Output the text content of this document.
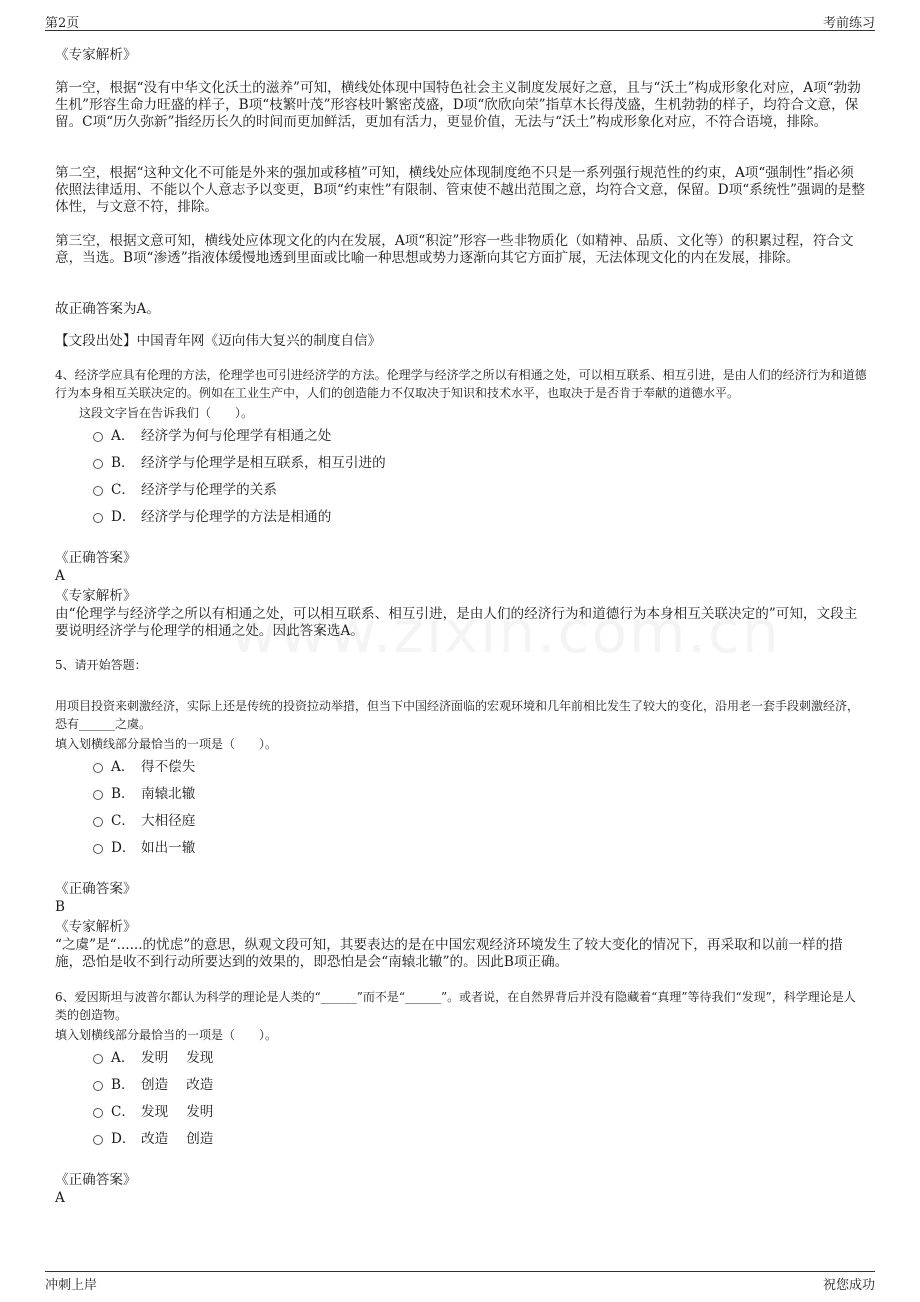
第2页	考前练习

《专家解析》

第一空，根据“没有中华文化沃土的滋养”可知，横线处体现中国特色社会主义制度发展好之意，且与“沃土”构成形象化对应，A项“勃勃生机”形容生命力旺盛的样子，B项“枝繁叶茂”形容枝叶繁密茂盛，D项“欣欣向荣”指草木长得茂盛，生机勃勃的样子，均符合文意，保留。C项“历久弥新”指经历长久的时间而更加鲜活，更加有活力，更显价值，无法与“沃土”构成形象化对应，不符合语境，排除。

第二空，根据“这种文化不可能是外来的强加或移植”可知，横线处应体现制度绝不只是一系列强行规范性的约束，A项“强制性”指必须依照法律适用、不能以个人意志予以变更，B项“约束性”有限制、管束使不越出范围之意，均符合文意，保留。D项“系统性”强调的是整体性，与文意不符，排除。

第三空，根据文意可知，横线处应体现文化的内在发展，A项“积淀”形容一些非物质化（如精神、品质、文化等）的积累过程，符合文意，当选。B项“渗透”指液体缓慢地透到里面或比喻一种思想或势力逐渐向其它方面扩展，无法体现文化的内在发展，排除。

故正确答案为A。

【文段出处】中国青年网《迈向伟大复兴的制度自信》

4、经济学应具有伦理的方法，伦理学也可引进经济学的方法。伦理学与经济学之所以有相通之处，可以相互联系、相互引进，是由人们的经济行为和道德行为本身相互关联决定的。例如在工业生产中，人们的创造能力不仅取决于知识和技术水平，也取决于是否肯于奉献的道德水平。

这段文字旨在告诉我们（　　）。

A． 经济学为何与伦理学有相通之处
B． 经济学与伦理学是相互联系，相互引进的
C． 经济学与伦理学的关系
D． 经济学与伦理学的方法是相通的

《正确答案》

A

《专家解析》

由“伦理学与经济学之所以有相通之处，可以相互联系、相互引进，是由人们的经济行为和道德行为本身相互关联决定的”可知，文段主要说明经济学与伦理学的相通之处。因此答案选A。

5、请开始答题：

用项目投资来刺激经济，实际上还是传统的投资拉动举措，但当下中国经济面临的宏观环境和几年前相比发生了较大的变化，沿用老一套手段刺激经济，恐有______之虞。

填入划横线部分最恰当的一项是（　　）。

A． 得不偿失
B． 南辕北辙
C． 大相径庭
D． 如出一辙

《正确答案》

B

《专家解析》

“之虞”是“......的忧虑”的意思，纵观文段可知，其要表达的是在中国宏观经济环境发生了较大变化的情况下，再采取和以前一样的措施，恐怕是收不到行动所要达到的效果的，即恐怕是会“南辕北辙”的。因此B项正确。

6、爱因斯坦与波普尔都认为科学的理论是人类的“______”而不是“______”。或者说，在自然界背后并没有隐藏着“真理”等待我们“发现”，科学理论是人类的创造物。

填入划横线部分最恰当的一项是（　　）。

A． 发明 发现
B． 创造 改造
C． 发现 发明
D． 改造 创造

《正确答案》

A

冲刺上岸	祝您成功
